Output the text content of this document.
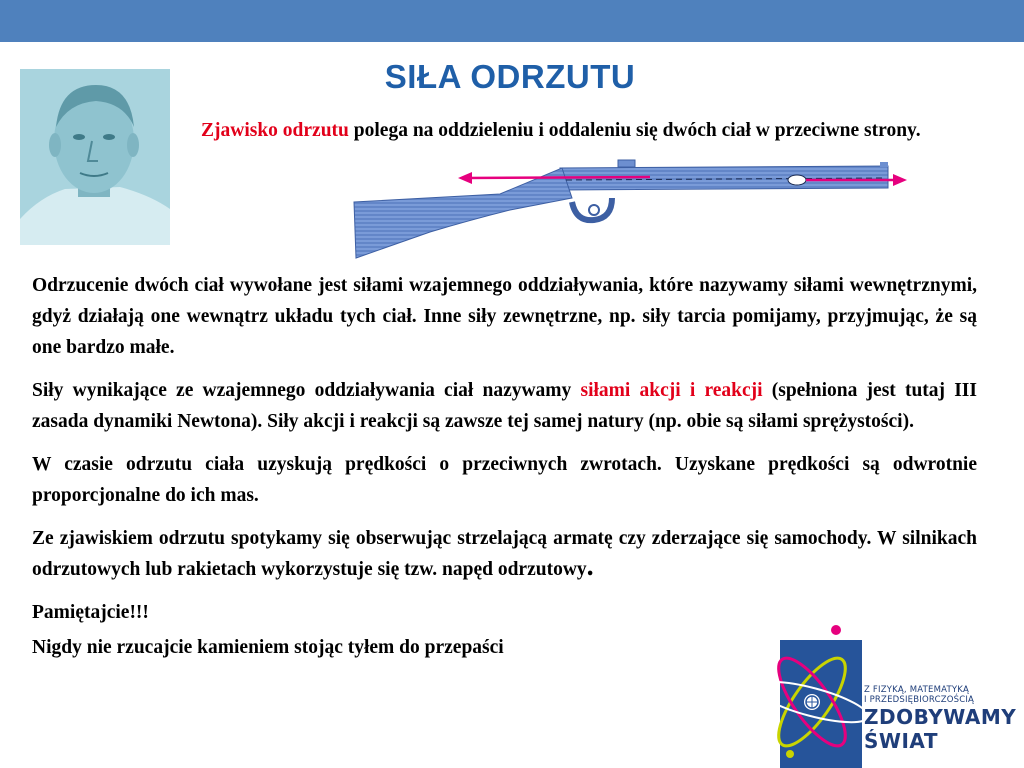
SIŁA ODRZUTU
Zjawisko odrzutu polega na oddzieleniu i oddaleniu się dwóch ciał w przeciwne strony.

Odrzucenie dwóch ciał wywołane jest siłami wzajemnego oddziaływania, które nazywamy siłami wewnętrznymi, gdyż działają one wewnątrz układu tych ciał. Inne siły zewnętrzne, np. siły tarcia pomijamy, przyjmując, że są one bardzo małe.

Siły wynikające ze wzajemnego oddziaływania ciał nazywamy siłami akcji i reakcji (spełniona jest tutaj III zasada dynamiki Newtona). Siły akcji i reakcji są zawsze tej samej natury (np. obie są siłami sprężystości).

W czasie odrzutu ciała uzyskują prędkości o przeciwnych zwrotach. Uzyskane prędkości są odwrotnie proporcjonalne do ich mas.

Ze zjawiskiem odrzutu spotykamy się obserwując strzelającą armatę czy zderzające się samochody. W silnikach odrzutowych lub rakietach wykorzystuje się tzw. napęd odrzutowy.

Pamiętajcie!!!

Nigdy nie rzucajcie kamieniem stojąc tyłem do przepaści

Z FIZYKĄ, MATEMATYKĄ
I PRZEDSIĘBIORCZOŚCIĄ
ZDOBYWAMY
ŚWIAT
